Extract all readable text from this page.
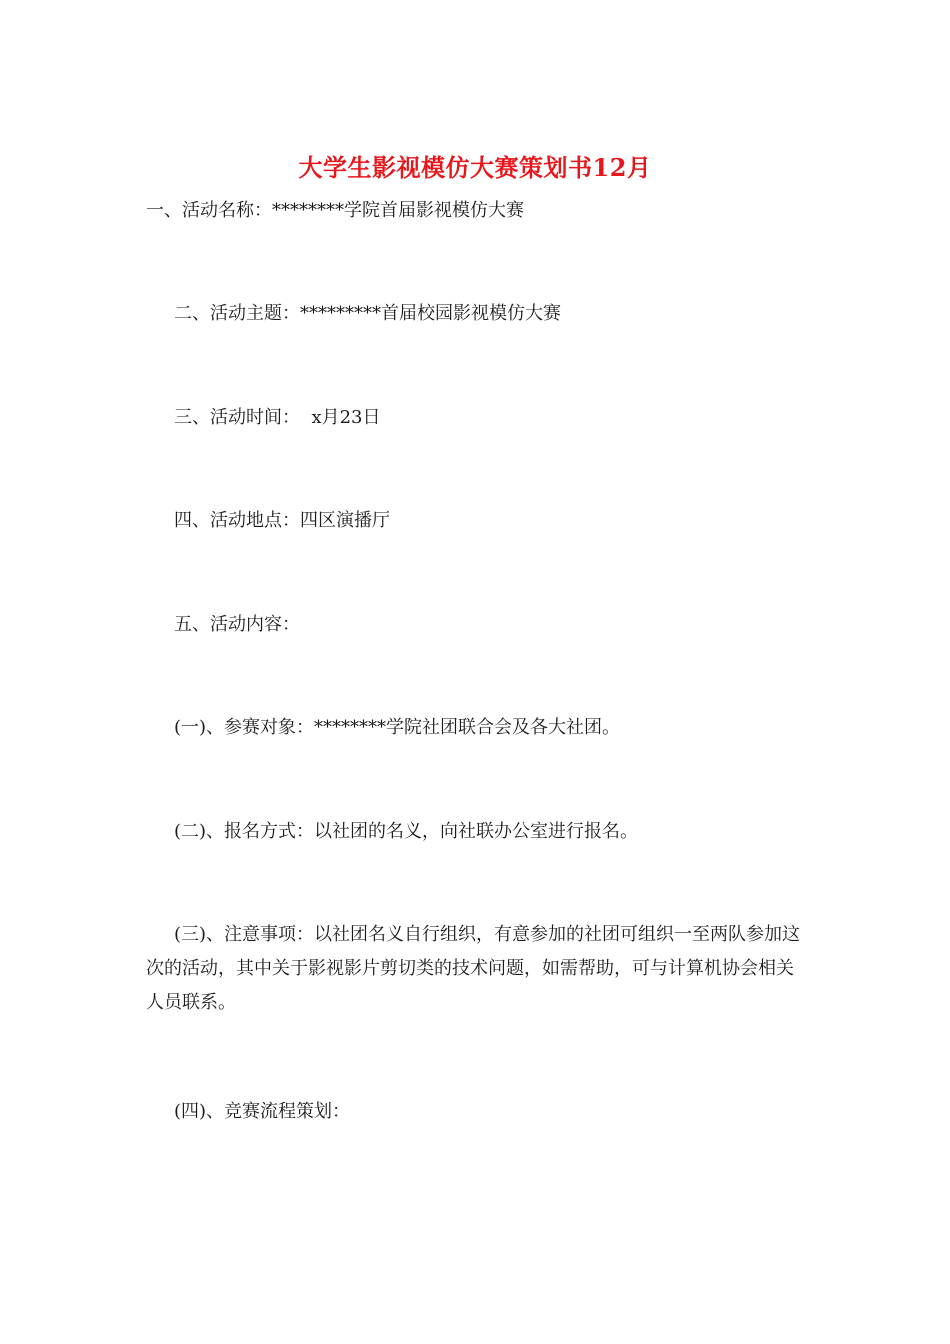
大学生影视模仿大赛策划书12月

一、活动名称：********学院首届影视模仿大赛

二、活动主题：*********首届校园影视模仿大赛

三、活动时间：  x月23日

四、活动地点：四区演播厅

五、活动内容：

(一)、参赛对象：********学院社团联合会及各大社团。

(二)、报名方式：以社团的名义，向社联办公室进行报名。

(三)、注意事项：以社团名义自行组织，有意参加的社团可组织一至两队参加这次的活动，其中关于影视影片剪切类的技术问题，如需帮助，可与计算机协会相关人员联系。

(四)、竞赛流程策划：
